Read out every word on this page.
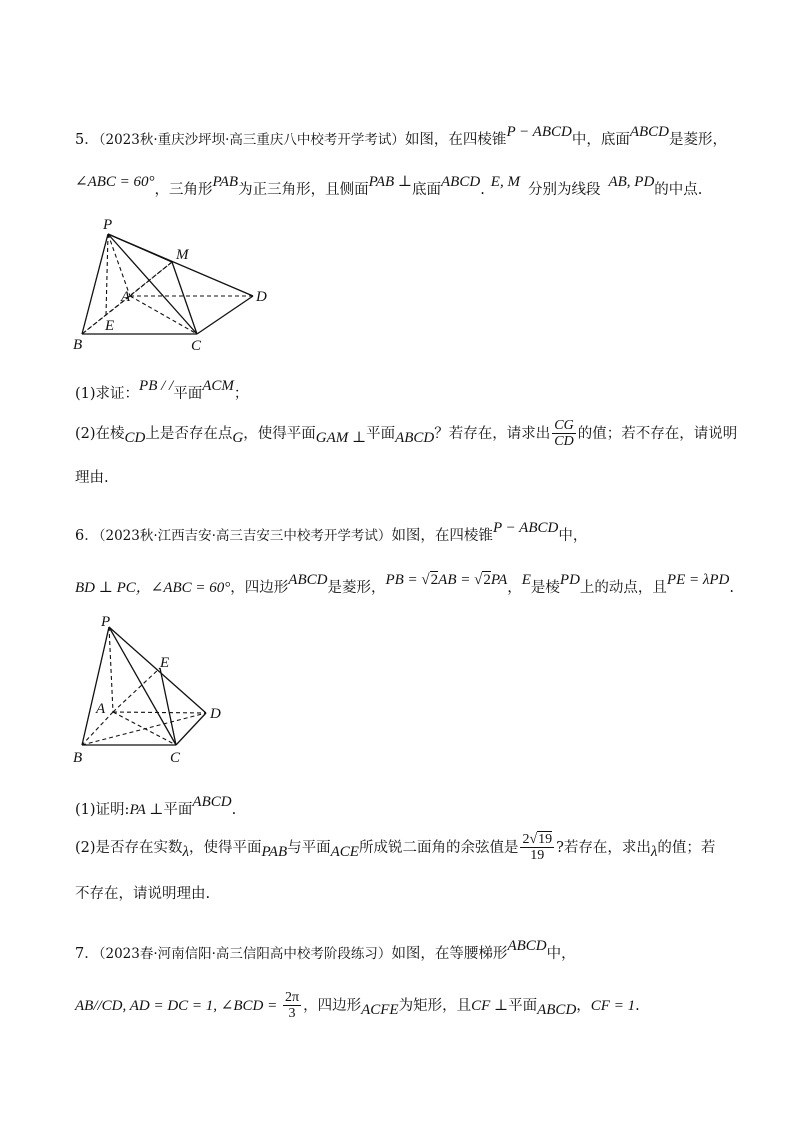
5．（2023秋·重庆沙坪坝·高三重庆八中校考开学考试）如图，在四棱锥P − ABCD中，底面ABCD是菱形，
∠ABC = 60°，三角形PAB为正三角形，且侧面PAB ⊥底面ABCD. E, M 分别为线段 AB, PD的中点.
P
M
A	D
E
B	C
(1)求证：PB / /平面ACM；
(2)在棱CD上是否存在点G，使得平面GAM ⊥平面ABCD？若存在，请求出 $\frac{CG}{CD}$ 的值；若不存在，请说明
理由.
6．（2023秋·江西吉安·高三吉安三中校考开学考试）如图，在四棱锥P − ABCD中，
BD ⊥ PC，∠ABC = 60°，四边形ABCD是菱形，PB = √2AB = √2PA，E是棱PD上的动点，且PE = λPD.
P
E
A	D
B	C
(1)证明:PA ⊥平面ABCD.
(2)是否存在实数λ，使得平面PAB与平面ACE所成锐二面角的余弦值是 $\frac{2√19}{19}$ ?若存在，求出λ的值；若
不存在，请说明理由.
7．（2023春·河南信阳·高三信阳高中校考阶段练习）如图，在等腰梯形ABCD中，
AB//CD, AD = DC = 1, ∠BCD = $\frac{2\pi}{3}$ ，四边形ACFE为矩形，且CF ⊥平面ABCD，CF = 1.
